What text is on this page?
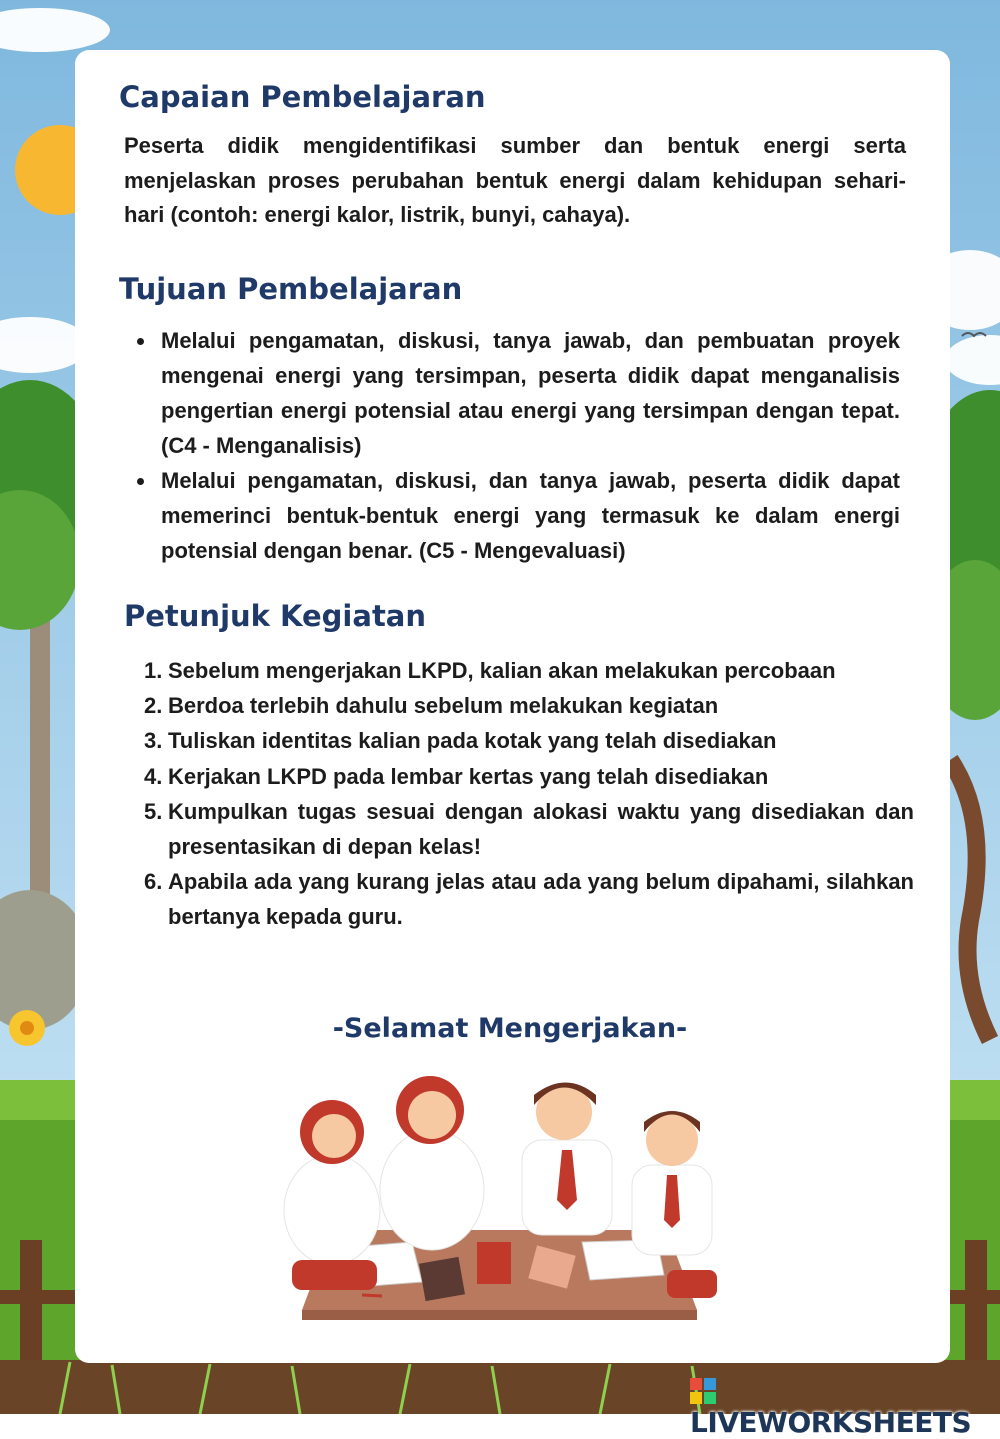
Capaian Pembelajaran

Peserta didik mengidentifikasi sumber dan bentuk energi serta menjelaskan proses perubahan bentuk energi dalam kehidupan sehari-hari (contoh: energi kalor, listrik, bunyi, cahaya).

Tujuan Pembelajaran
Melalui pengamatan, diskusi, tanya jawab, dan pembuatan proyek mengenai energi yang tersimpan, peserta didik dapat menganalisis pengertian energi potensial atau energi yang tersimpan dengan tepat. (C4 - Menganalisis)
Melalui pengamatan, diskusi, dan tanya jawab, peserta didik dapat memerinci bentuk-bentuk energi yang termasuk ke dalam energi potensial dengan benar. (C5 - Mengevaluasi)
Petunjuk Kegiatan
1. Sebelum mengerjakan LKPD, kalian akan melakukan percobaan
2. Berdoa terlebih dahulu sebelum melakukan kegiatan
3. Tuliskan identitas kalian pada kotak yang telah disediakan
4. Kerjakan LKPD pada lembar kertas yang telah disediakan
5. Kumpulkan tugas sesuai dengan alokasi waktu yang disediakan dan presentasikan di depan kelas!
6. Apabila ada yang kurang jelas atau ada yang belum dipahami, silahkan bertanya kepada guru.
-Selamat Mengerjakan-
LIVEWORKSHEETS
